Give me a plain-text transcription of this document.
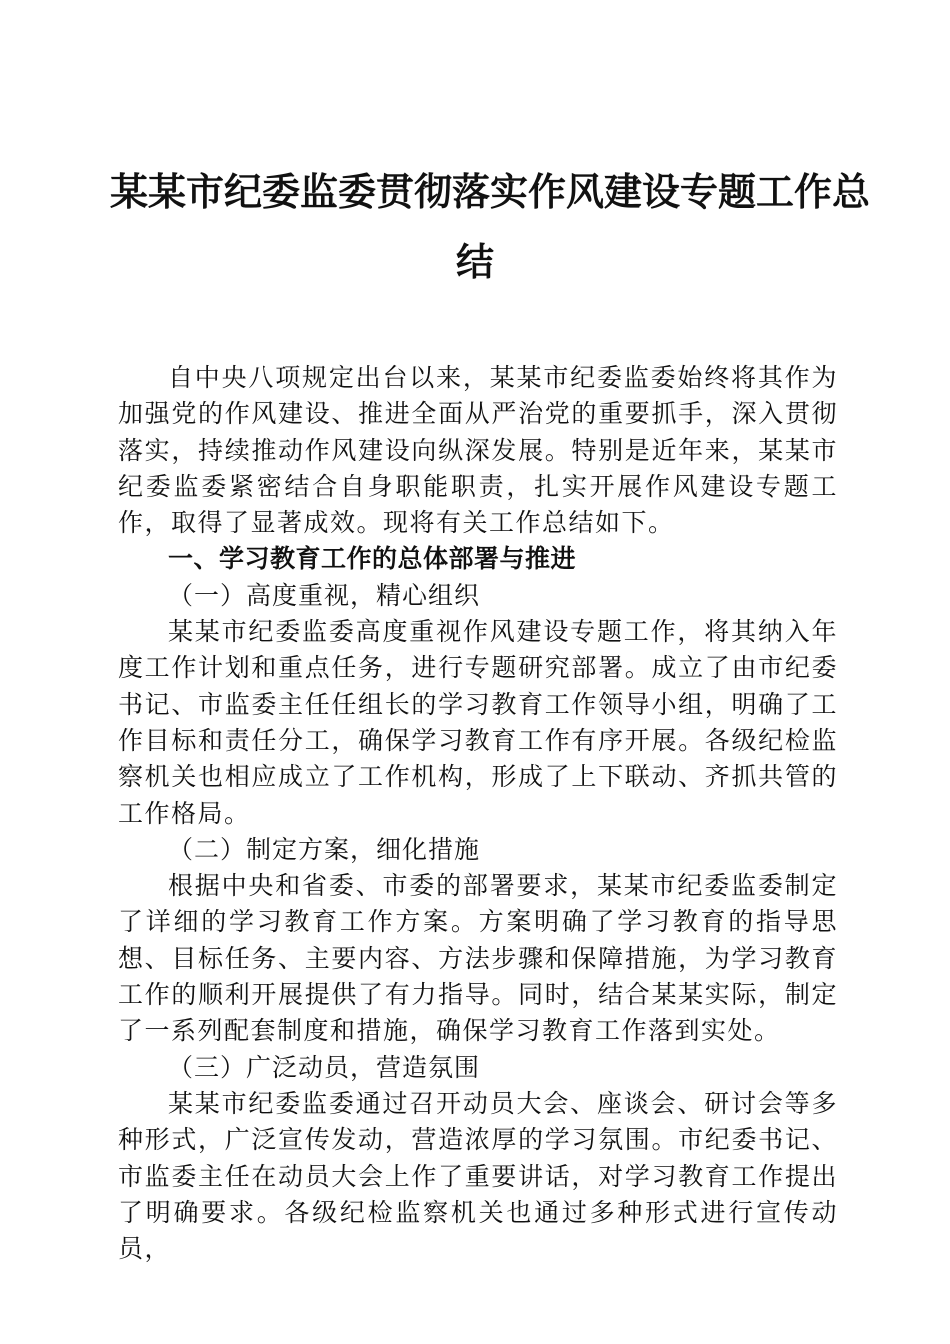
某某市纪委监委贯彻落实作风建设专题工作总
结

自中央八项规定出台以来，某某市纪委监委始终将其作为加强党的作风建设、推进全面从严治党的重要抓手，深入贯彻落实，持续推动作风建设向纵深发展。特别是近年来，某某市纪委监委紧密结合自身职能职责，扎实开展作风建设专题工作，取得了显著成效。现将有关工作总结如下。

一、学习教育工作的总体部署与推进

（一）高度重视，精心组织

某某市纪委监委高度重视作风建设专题工作，将其纳入年度工作计划和重点任务，进行专题研究部署。成立了由市纪委书记、市监委主任任组长的学习教育工作领导小组，明确了工作目标和责任分工，确保学习教育工作有序开展。各级纪检监察机关也相应成立了工作机构，形成了上下联动、齐抓共管的工作格局。

（二）制定方案，细化措施

根据中央和省委、市委的部署要求，某某市纪委监委制定了详细的学习教育工作方案。方案明确了学习教育的指导思想、目标任务、主要内容、方法步骤和保障措施，为学习教育工作的顺利开展提供了有力指导。同时，结合某某实际，制定了一系列配套制度和措施，确保学习教育工作落到实处。

（三）广泛动员，营造氛围

某某市纪委监委通过召开动员大会、座谈会、研讨会等多种形式，广泛宣传发动，营造浓厚的学习氛围。市纪委书记、市监委主任在动员大会上作了重要讲话，对学习教育工作提出了明确要求。各级纪检监察机关也通过多种形式进行宣传动员，
